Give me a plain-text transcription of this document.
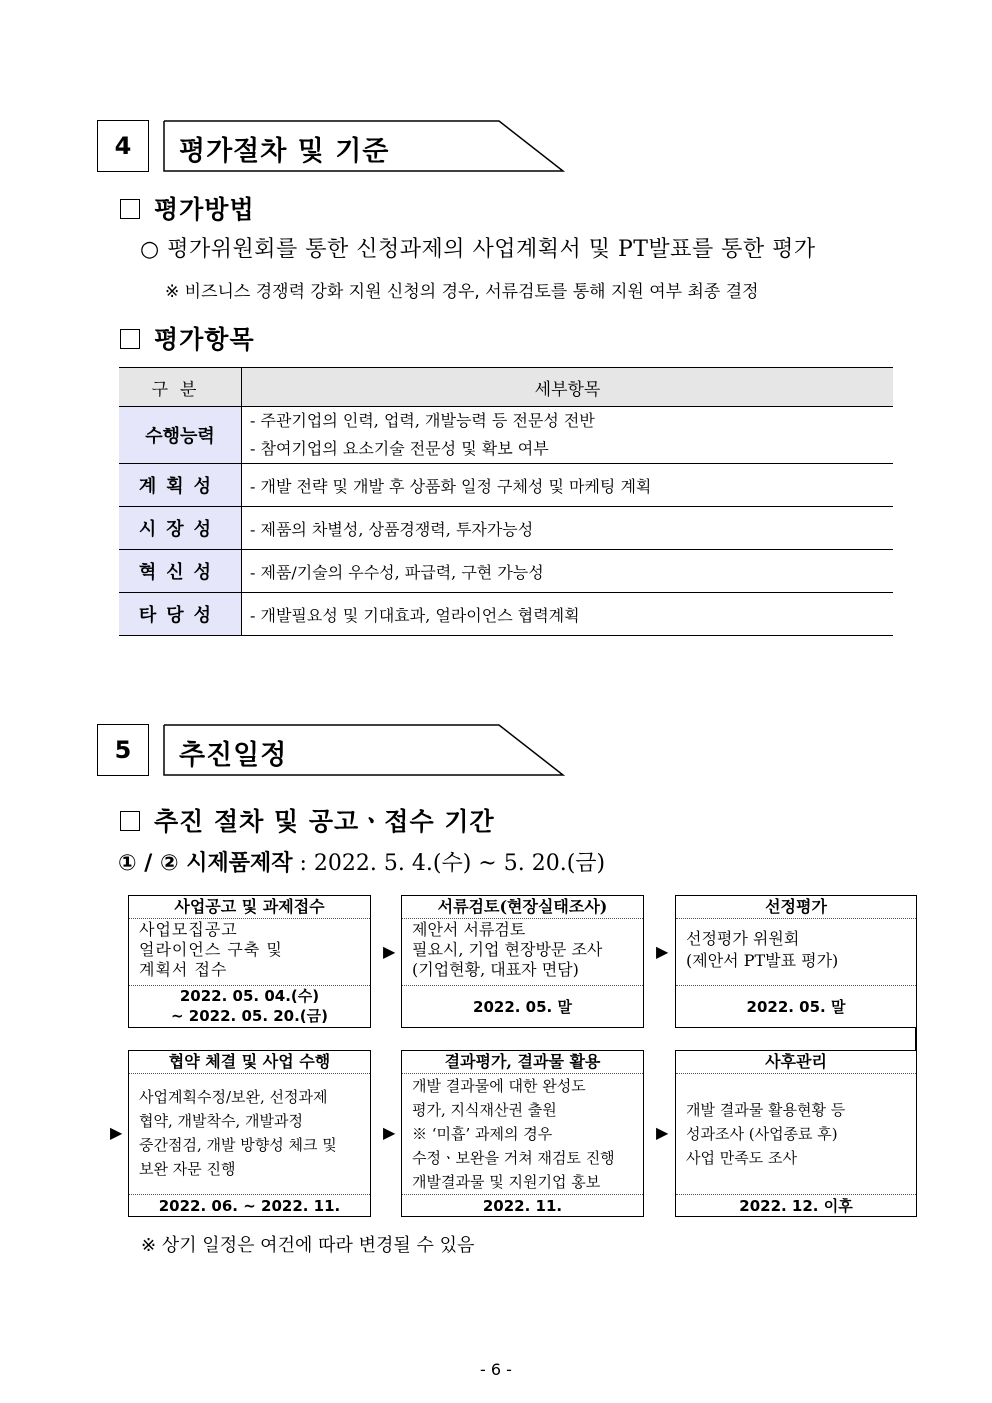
4	평가절차 및 기준
평가방법
○ 평가위원회를 통한 신청과제의 사업계획서 및 PT발표를 통한 평가
※ 비즈니스 경쟁력 강화 지원 신청의 경우, 서류검토를 통해 지원 여부 최종 결정
평가항목
구분	세부항목
수행능력	- 주관기업의 인력, 업력, 개발능력 등 전문성 전반
- 참여기업의 요소기술 전문성 및 확보 여부

계획성	- 개발 전략 및 개발 후 상품화 일정 구체성 및 마케팅 계획
시장성	- 제품의 차별성, 상품경쟁력, 투자가능성
혁신성	- 제품/기술의 우수성, 파급력, 구현 가능성
타당성	- 개발필요성 및 기대효과, 얼라이언스 협력계획
5	추진일정
추진 절차 및 공고ㆍ접수 기간
① / ② 시제품제작 : 2022. 5. 4.(수) ~ 5. 20.(금)
사업공고 및 과제접수
사업모집공고
얼라이언스 구축 및
계획서 접수
2022. 05. 04.(수)
~ 2022. 05. 20.(금)
▶
서류검토(현장실태조사)
제안서 서류검토
필요시, 기업 현장방문 조사
(기업현황, 대표자 면담)
2022. 05. 말
▶
선정평가
선정평가 위원회
(제안서 PT발표 평가)
2022. 05. 말
▶
협약 체결 및 사업 수행
사업계획수정/보완, 선정과제
협약, 개발착수, 개발과정
중간점검, 개발 방향성 체크 및
보완 자문 진행
2022. 06. ~ 2022. 11.
▶
결과평가, 결과물 활용
개발 결과물에 대한 완성도
평가, 지식재산권 출원
※ ‘미흡’ 과제의 경우
수정ㆍ보완을 거쳐 재검토 진행
개발결과물 및 지원기업 홍보
2022. 11.
▶
사후관리
개발 결과물 활용현황 등
성과조사 (사업종료 후)
사업 만족도 조사
2022. 12. 이후
※ 상기 일정은 여건에 따라 변경될 수 있음
- 6 -
